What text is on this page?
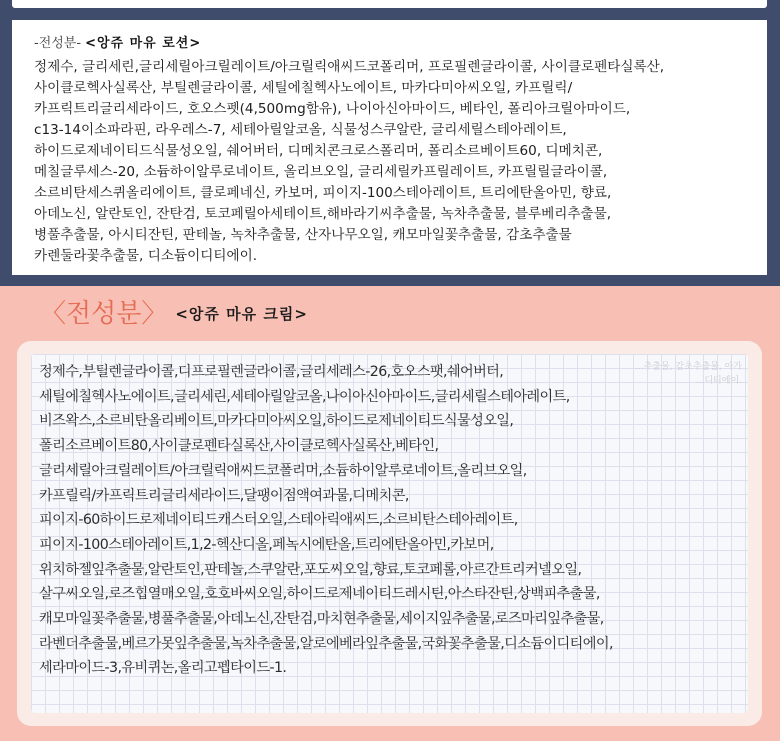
-전성분- <앙쥬 마유 로션>
정제수, 글리세린,글리세릴아크릴레이트/아크릴릭애씨드코폴리머, 프로필렌글라이콜, 사이클로펜타실록산,
사이클로헥사실록산, 부틸렌글라이콜, 세틸에칠헥사노에이트, 마카다미아씨오일, 카프릴릭/
카프릭트리글리세라이드, 호오스펫(4,500mg함유), 나이아신아마이드, 베타인, 폴리아크릴아마이드,
c13-14이소파라핀, 라우레스-7, 세테아릴알코올, 식물성스쿠알란, 글리세릴스테아레이트,
하이드로제네이티드식물성오일, 쉐어버터, 디메치콘크로스폴리머, 폴리소르베이트60, 디메치콘,
메칠글루세스-20, 소듐하이알루로네이트, 올리브오일, 글리세릴카프릴레이트, 카프릴릴글라이콜,
소르비탄세스퀴올리에이트, 클로페네신, 카보머, 피이지-100스테아레이트, 트리에탄올아민, 향료,
아데노신, 알란토인, 잔탄검, 토코페릴아세테이트,해바라기씨추출물, 녹차추출물, 블루베리추출물,
병풀추출물, 아시티잔틴, 판테놀, 녹차추출물, 산자나무오일, 캐모마일꽃추출물, 감초추출물
카렌둘라꽃추출물, 디소듐이디티에이.
〈전성분〉 <앙쥬 마유 크림>
...추출물, 감초추출물, 아가
...디티에이.
정제수,부틸렌글라이콜,디프로필렌글라이콜,글리세레스-26,호오스팻,쉐어버터,
세틸에칠헥사노에이트,글리세린,세테아릴알코올,나이아신아마이드,글리세릴스테아레이트,
비즈왁스,소르비탄올리베이트,마카다미아씨오일,하이드로제네이티드식물성오일,
폴리소르베이트80,사이클로펜타실록산,사이클로헥사실록산,베타인,
글리세릴아크릴레이트/아크릴릭애씨드코폴리머,소듐하이알루로네이트,올리브오일,
카프릴릭/카프릭트리글리세라이드,달팽이점액여과물,디메치콘,
피이지-60하이드로제네이티드캐스터오일,스테아릭애씨드,소르비탄스테아레이트,
피이지-100스테아레이트,1,2-헥산디올,페녹시에탄올,트리에탄올아민,카보머,
위치하젤잎추출물,알란토인,판테놀,스쿠알란,포도씨오일,향료,토코페롤,아르간트리커넬오일,
살구씨오일,로즈힙열매오일,호호바씨오일,하이드로제네이티드레시틴,아스타잔틴,상백피추출물,
캐모마일꽃추출물,병풀추출물,아데노신,잔탄검,마치현추출물,세이지잎추출물,로즈마리잎추출물,
라벤더추출물,베르가못잎추출물,녹차추출물,알로에베라잎추출물,국화꽃추출물,디소듐이디티에이,
세라마이드-3,유비퀴논,올리고펩타이드-1.
